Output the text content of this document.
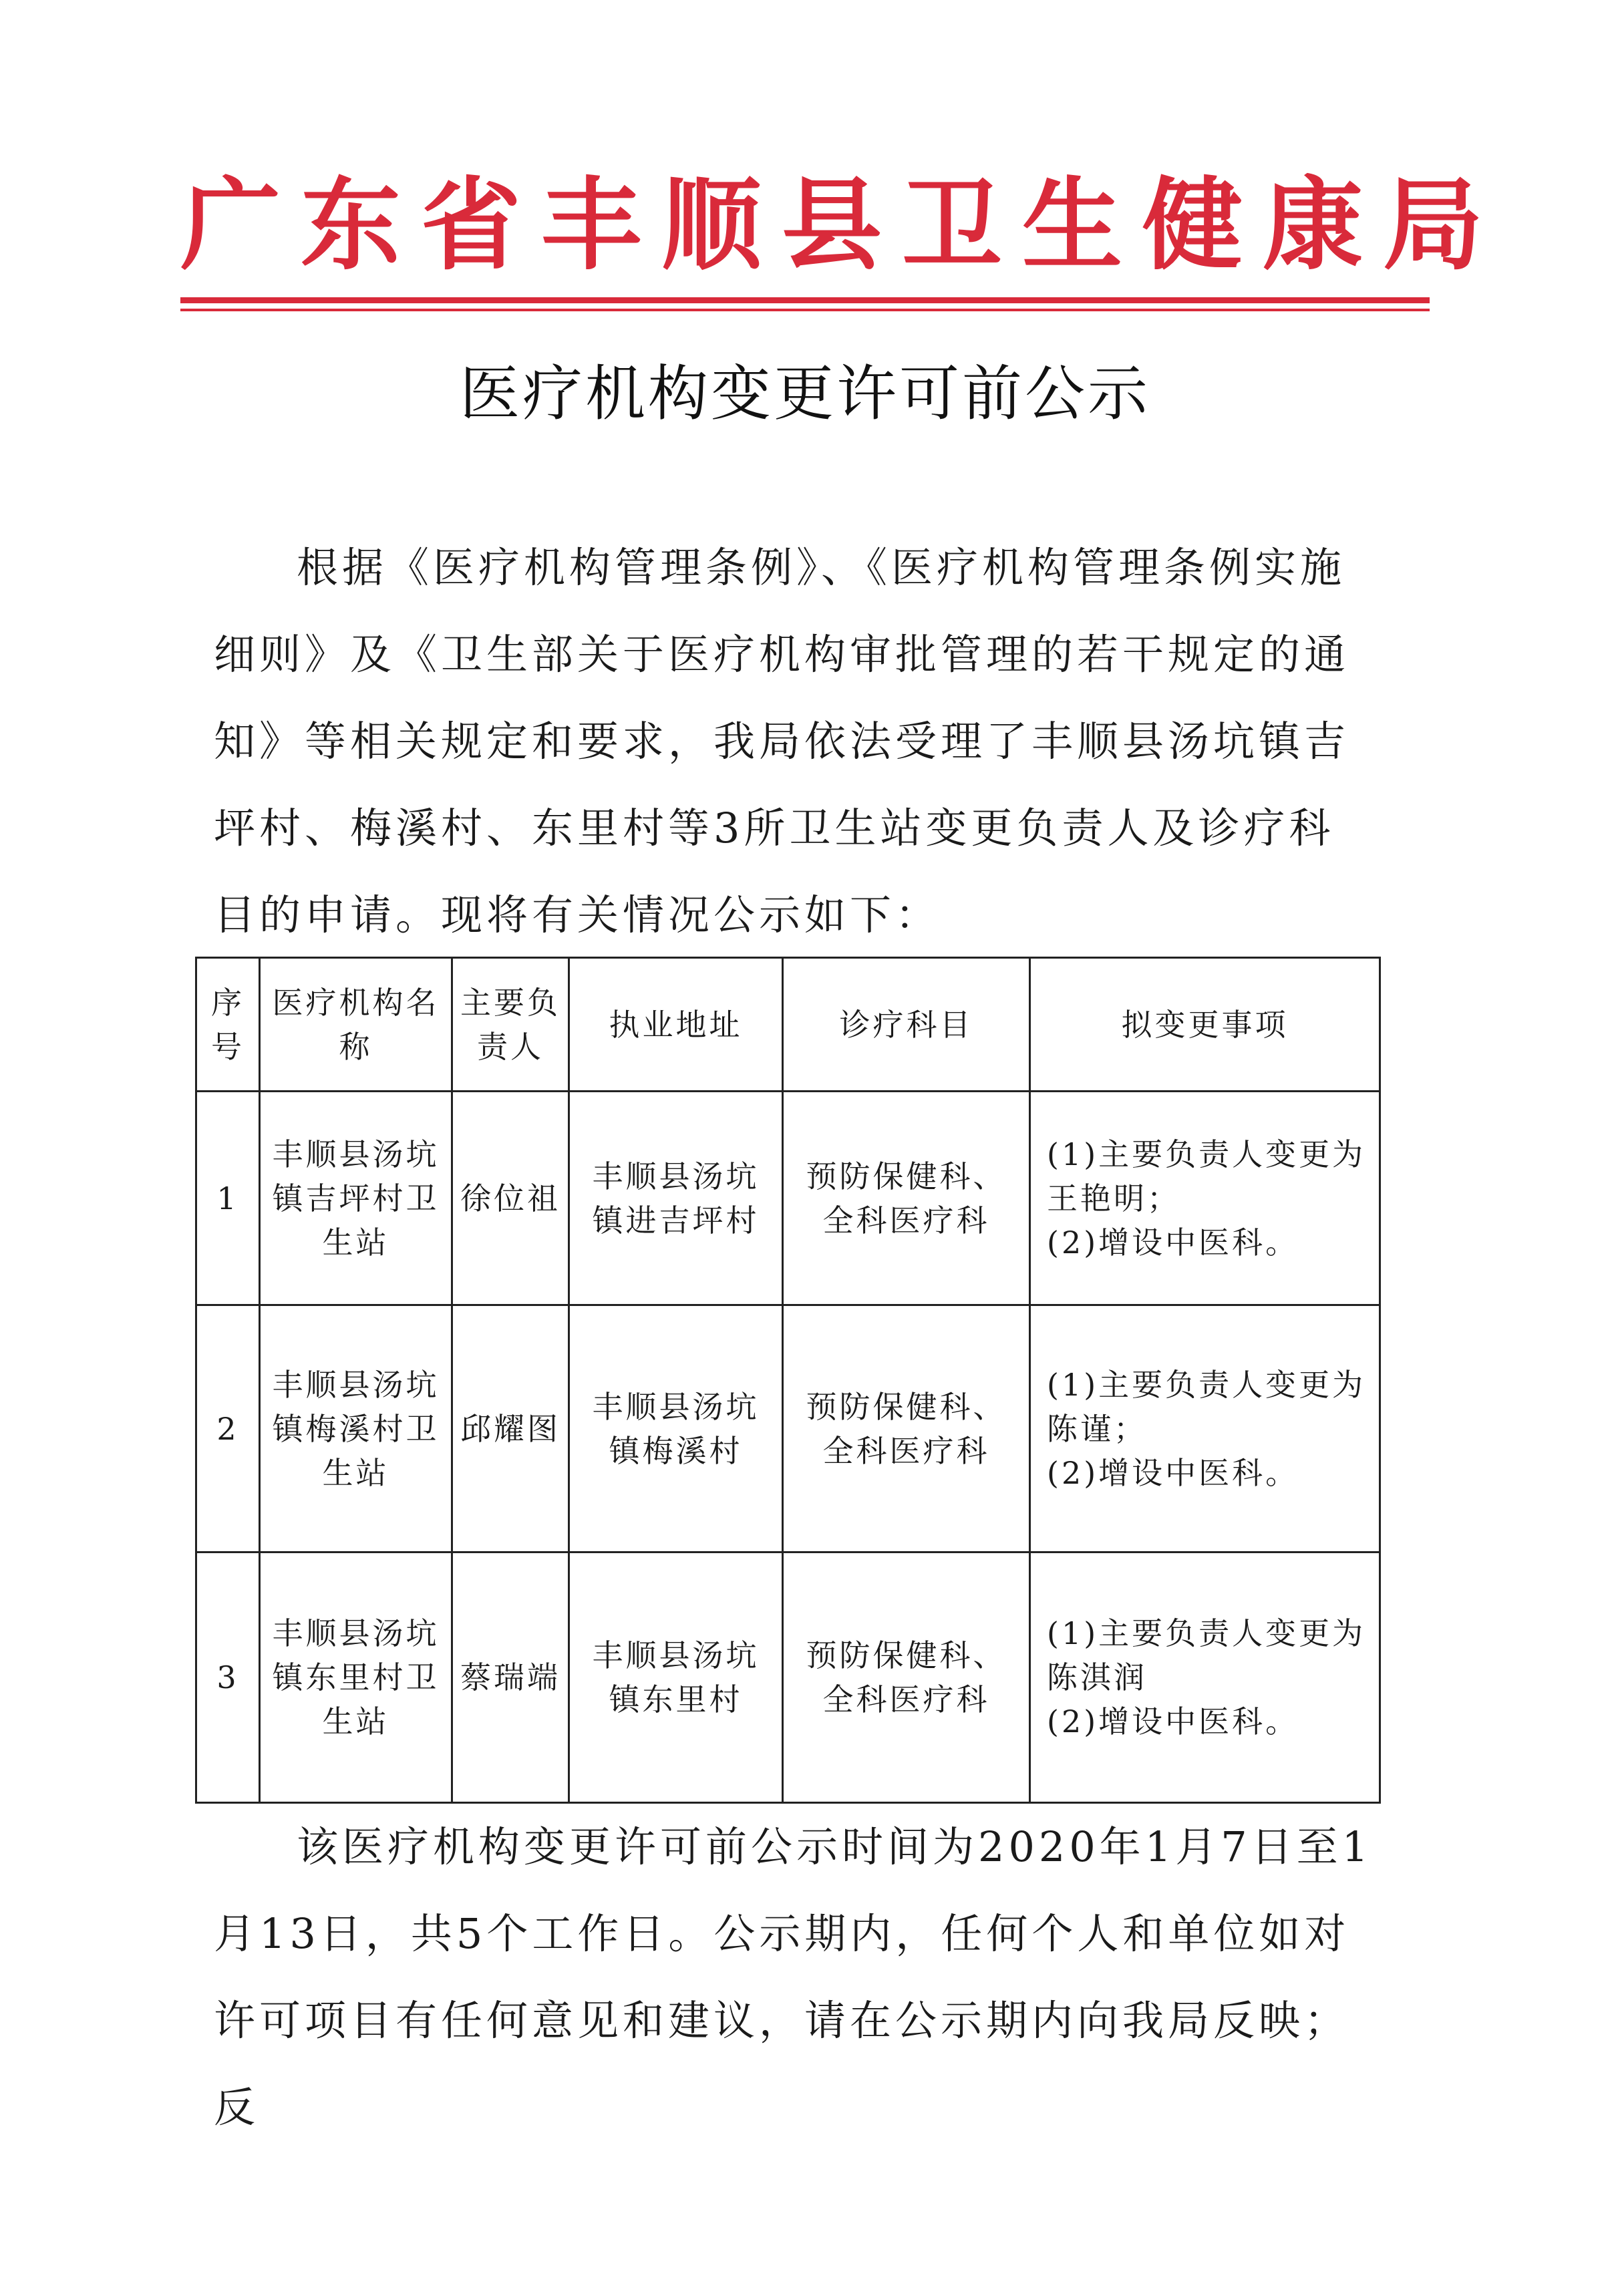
广东省丰顺县卫生健康局
医疗机构变更许可前公示
根据《医疗机构管理条例》、《医疗机构管理条例实施细则》及《卫生部关于医疗机构审批管理的若干规定的通知》等相关规定和要求，我局依法受理了丰顺县汤坑镇吉坪村、梅溪村、东里村等3所卫生站变更负责人及诊疗科目的申请。现将有关情况公示如下：
序号	医疗机构名称	主要负责人	执业地址	诊疗科目	拟变更事项
1	丰顺县汤坑镇吉坪村卫生站	徐位祖	丰顺县汤坑镇进吉坪村	预防保健科、全科医疗科	(1)主要负责人变更为王艳明；
(2)增设中医科。

2	丰顺县汤坑镇梅溪村卫生站	邱耀图	丰顺县汤坑镇梅溪村	预防保健科、全科医疗科	(1)主要负责人变更为陈谨；
(2)增设中医科。

3	丰顺县汤坑镇东里村卫生站	蔡瑞端	丰顺县汤坑镇东里村	预防保健科、全科医疗科	(1)主要负责人变更为陈淇润
(2)增设中医科。
该医疗机构变更许可前公示时间为2020年1月7日至1月13日，共5个工作日。公示期内，任何个人和单位如对许可项目有任何意见和建议，请在公示期内向我局反映；反
